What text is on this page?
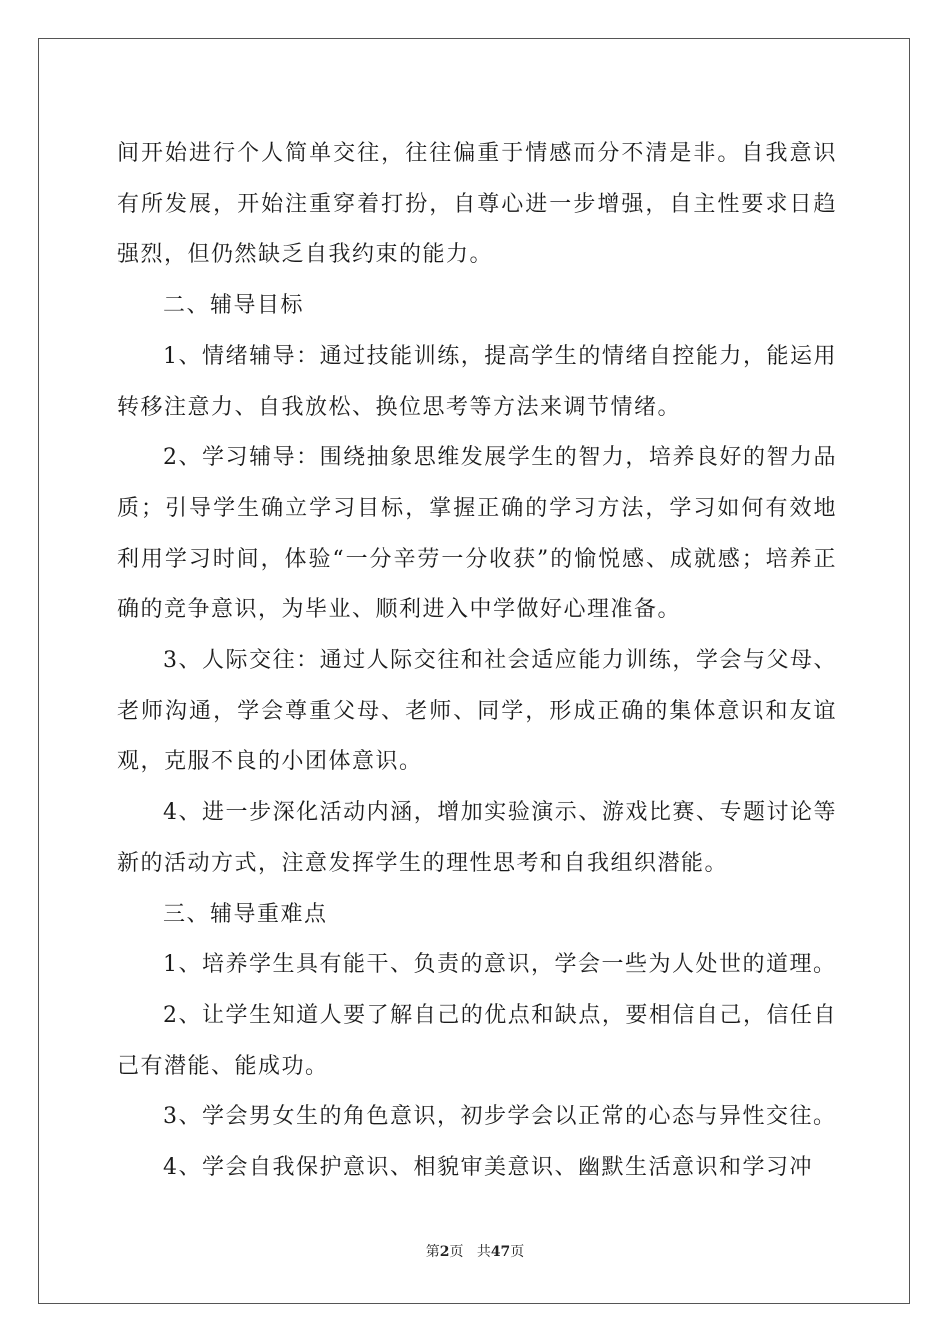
间开始进行个人简单交往，往往偏重于情感而分不清是非。自我意识有所发展，开始注重穿着打扮，自尊心进一步增强，自主性要求日趋强烈，但仍然缺乏自我约束的能力。

二、辅导目标

1、情绪辅导：通过技能训练，提高学生的情绪自控能力，能运用转移注意力、自我放松、换位思考等方法来调节情绪。

2、学习辅导：围绕抽象思维发展学生的智力，培养良好的智力品质；引导学生确立学习目标，掌握正确的学习方法，学习如何有效地利用学习时间，体验“一分辛劳一分收获”的愉悦感、成就感；培养正确的竞争意识，为毕业、顺利进入中学做好心理准备。

3、人际交往：通过人际交往和社会适应能力训练，学会与父母、老师沟通，学会尊重父母、老师、同学，形成正确的集体意识和友谊观，克服不良的小团体意识。

4、进一步深化活动内涵，增加实验演示、游戏比赛、专题讨论等新的活动方式，注意发挥学生的理性思考和自我组织潜能。

三、辅导重难点

1、培养学生具有能干、负责的意识，学会一些为人处世的道理。

2、让学生知道人要了解自己的优点和缺点，要相信自己，信任自己有潜能、能成功。

3、学会男女生的角色意识，初步学会以正常的心态与异性交往。

4、学会自我保护意识、相貌审美意识、幽默生活意识和学习冲

第2页 共47页
